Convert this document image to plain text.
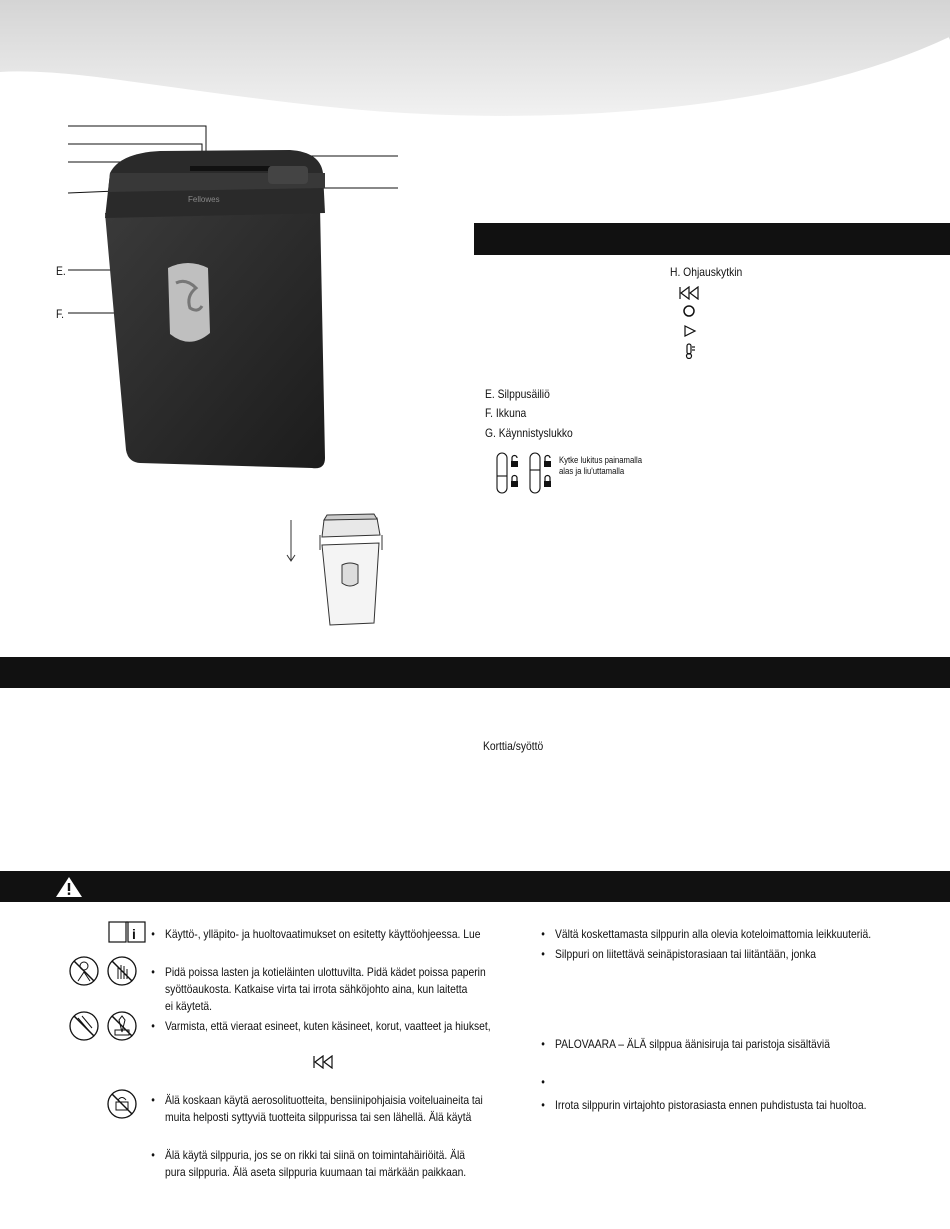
Fellowes
E.
F.
H. Ohjauskytkin
E. Silppusäiliö
F. Ikkuna
G. Käynnistyslukko
Kytke lukitus painamalla
alas ja liu'uttamalla
Korttia/syöttö
i • Käyttö-, ylläpito- ja huoltovaatimukset on esitetty käyttöohjeessa. Lue
• Pidä poissa lasten ja kotieläinten ulottuvilta. Pidä kädet poissa paperin
syöttöaukosta. Katkaise virta tai irrota sähköjohto aina, kun laitetta
ei käytetä.
• Varmista, että vieraat esineet, kuten käsineet, korut, vaatteet ja hiukset,
• Älä koskaan käytä aerosolituotteita, bensiinipohjaisia voiteluaineita tai
muita helposti syttyviä tuotteita silppurissa tai sen lähellä. Älä käytä
• Älä käytä silppuria, jos se on rikki tai siinä on toimintahäiriöitä. Älä
pura silppuria. Älä aseta silppuria kuumaan tai märkään paikkaan.
• Vältä koskettamasta silppurin alla olevia koteloimattomia leikkuuteriä.
• Silppuri on liitettävä seinäpistorasiaan tai liitäntään, jonka
• PALOVAARA – ÄLÄ silppua äänisiruja tai paristoja sisältäviä
•
• Irrota silppurin virtajohto pistorasiasta ennen puhdistusta tai huoltoa.
